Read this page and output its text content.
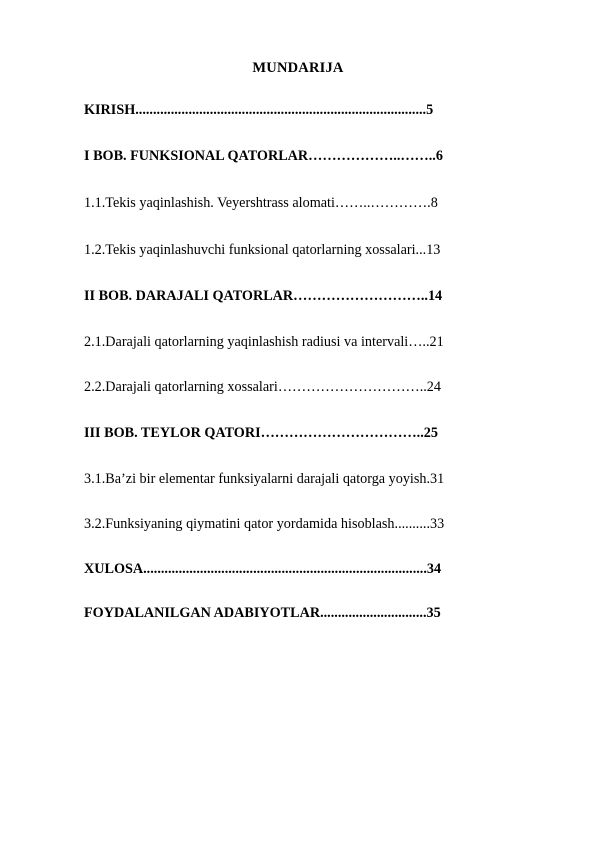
MUNDARIJA
KIRISH..................................................................................5
I BOB. FUNKSIONAL QATORLAR………………..……..6
1.1.Tekis yaqinlashish. Veyershtrass alomati……..………….8
1.2.Tekis yaqinlashuvchi funksional qatorlarning xossalari...13
II BOB. DARAJALI QATORLAR………………………..14
2.1.Darajali qatorlarning yaqinlashish radiusi va intervali…..21
2.2.Darajali qatorlarning xossalari…………………………..24
III BOB. TEYLOR QATORI……………………………..25
3.1.Ba’zi bir elementar funksiyalarni darajali qatorga yoyish.31
3.2.Funksiyaning qiymatini qator yordamida hisoblash..........33
XULOSA................................................................................34
FOYDALANILGAN ADABIYOTLAR..............................35
